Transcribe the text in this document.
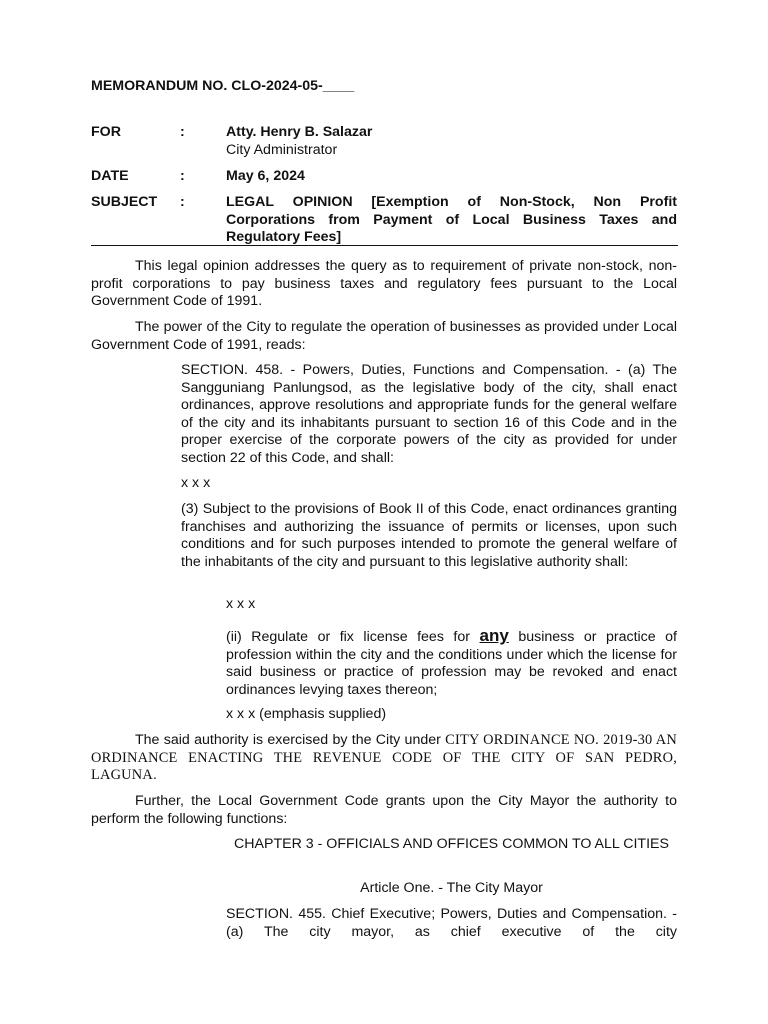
MEMORANDUM NO. CLO-2024-05-____
FOR	:	Atty. Henry B. Salazar
City Administrator
DATE	:	May 6, 2024
SUBJECT :	LEGAL OPINION [Exemption of Non-Stock, Non Profit Corporations from Payment of Local Business Taxes and Regulatory Fees]

This legal opinion addresses the query as to requirement of private non-stock, non-profit corporations to pay business taxes and regulatory fees pursuant to the Local Government Code of 1991.

The power of the City to regulate the operation of businesses as provided under Local Government Code of 1991, reads:

SECTION. 458. - Powers, Duties, Functions and Compensation. - (a) The Sangguniang Panlungsod, as the legislative body of the city, shall enact ordinances, approve resolutions and appropriate funds for the general welfare of the city and its inhabitants pursuant to section 16 of this Code and in the proper exercise of the corporate powers of the city as provided for under section 22 of this Code, and shall:

x x x

(3) Subject to the provisions of Book II of this Code, enact ordinances granting franchises and authorizing the issuance of permits or licenses, upon such conditions and for such purposes intended to promote the general welfare of the inhabitants of the city and pursuant to this legislative authority shall:

x x x

(ii) Regulate or fix license fees for any business or practice of profession within the city and the conditions under which the license for said business or practice of profession may be revoked and enact ordinances levying taxes thereon;

x x x (emphasis supplied)

The said authority is exercised by the City under CITY ORDINANCE NO. 2019-30 AN ORDINANCE ENACTING THE REVENUE CODE OF THE CITY OF SAN PEDRO, LAGUNA.

Further, the Local Government Code grants upon the City Mayor the authority to perform the following functions:

CHAPTER 3 - OFFICIALS AND OFFICES COMMON TO ALL CITIES

Article One. - The City Mayor

SECTION. 455. Chief Executive; Powers, Duties and Compensation. -(a) The city mayor, as chief executive of the city
